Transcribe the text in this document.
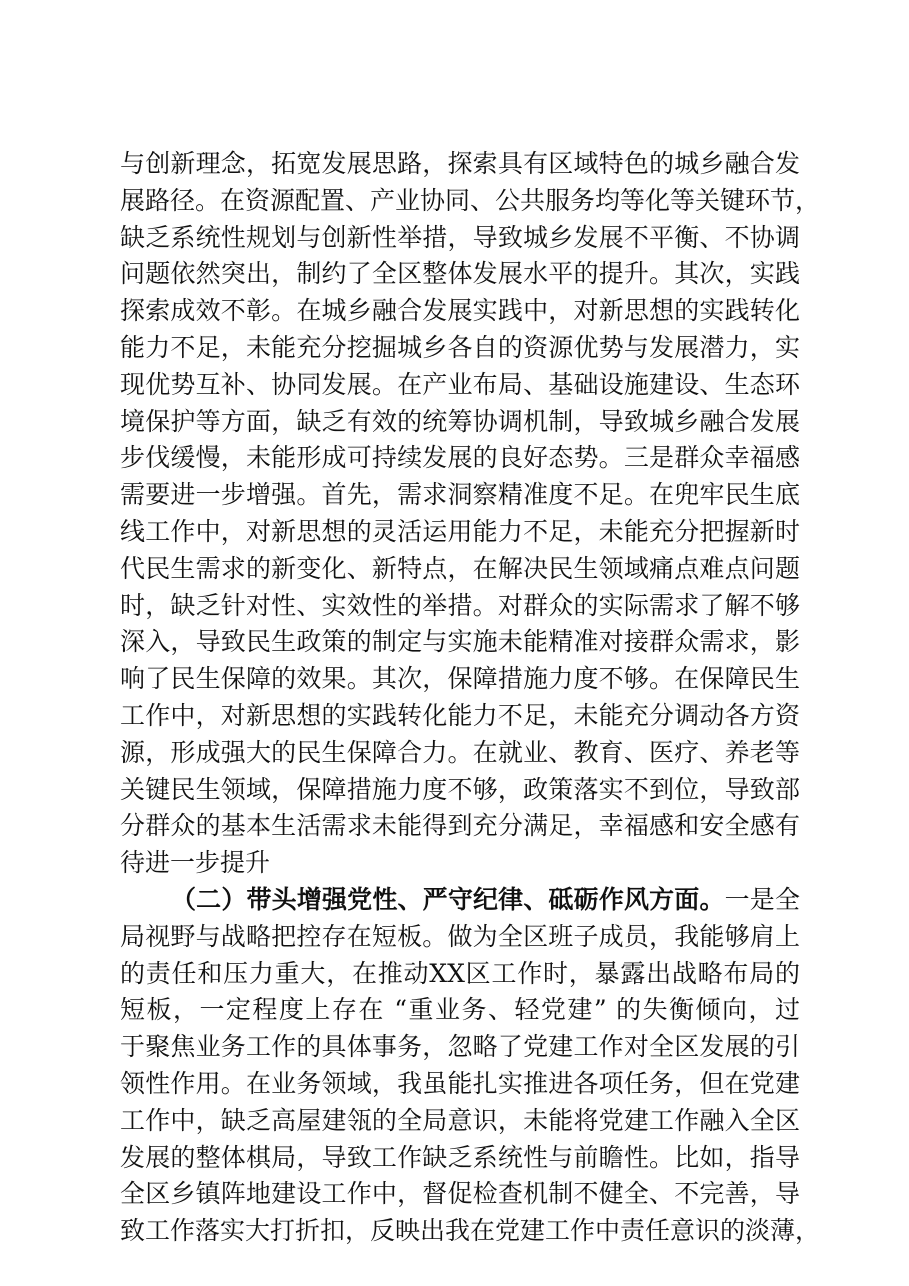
与创新理念，拓宽发展思路，探索具有区域特色的城乡融合发
展路径。在资源配置、产业协同、公共服务均等化等关键环节，
缺乏系统性规划与创新性举措，导致城乡发展不平衡、不协调
问题依然突出，制约了全区整体发展水平的提升。其次，实践
探索成效不彰。在城乡融合发展实践中，对新思想的实践转化
能力不足，未能充分挖掘城乡各自的资源优势与发展潜力，实
现优势互补、协同发展。在产业布局、基础设施建设、生态环
境保护等方面，缺乏有效的统筹协调机制，导致城乡融合发展
步伐缓慢，未能形成可持续发展的良好态势。三是群众幸福感
需要进一步增强。首先，需求洞察精准度不足。在兜牢民生底
线工作中，对新思想的灵活运用能力不足，未能充分把握新时
代民生需求的新变化、新特点，在解决民生领域痛点难点问题
时，缺乏针对性、实效性的举措。对群众的实际需求了解不够
深入，导致民生政策的制定与实施未能精准对接群众需求，影
响了民生保障的效果。其次，保障措施力度不够。在保障民生
工作中，对新思想的实践转化能力不足，未能充分调动各方资
源，形成强大的民生保障合力。在就业、教育、医疗、养老等
关键民生领域，保障措施力度不够，政策落实不到位，导致部
分群众的基本生活需求未能得到充分满足，幸福感和安全感有
待进一步提升
（二）带头增强党性、严守纪律、砥砺作风方面。一是全
局视野与战略把控存在短板。做为全区班子成员，我能够肩上
的责任和压力重大，在推动XX区工作时，暴露出战略布局的
短板，一定程度上存在 “重业务、轻党建” 的失衡倾向，过
于聚焦业务工作的具体事务，忽略了党建工作对全区发展的引
领性作用。在业务领域，我虽能扎实推进各项任务，但在党建
工作中，缺乏高屋建瓴的全局意识，未能将党建工作融入全区
发展的整体棋局，导致工作缺乏系统性与前瞻性。比如，指导
全区乡镇阵地建设工作中，督促检查机制不健全、不完善，导
致工作落实大打折扣，反映出我在党建工作中责任意识的淡薄，
